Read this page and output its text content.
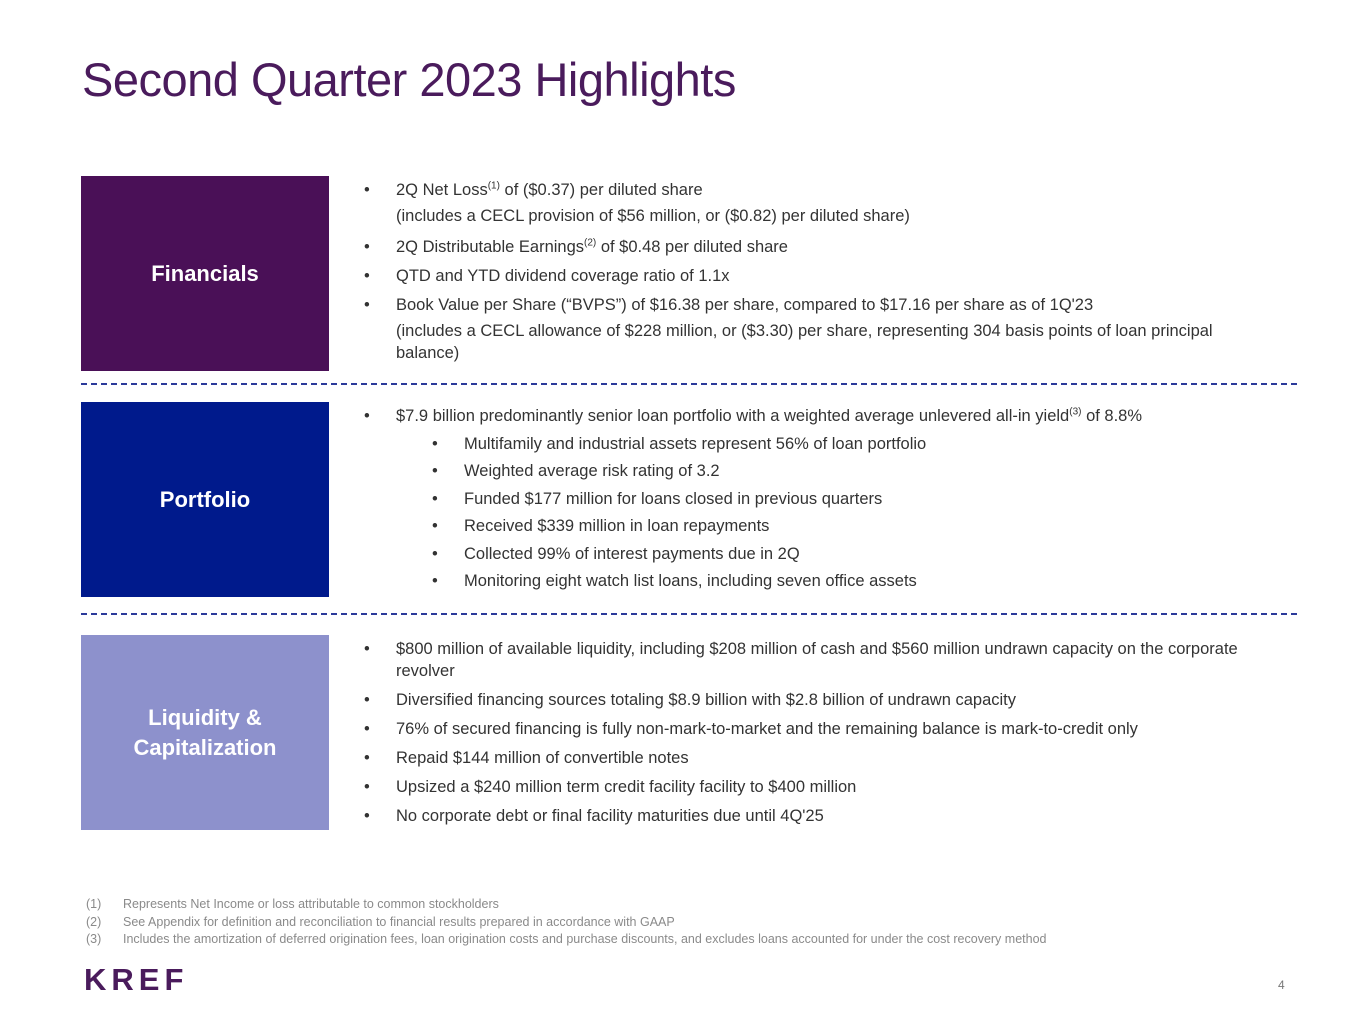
Second Quarter 2023 Highlights
Financials
•	2Q Net Loss$^{(1)}$ of ($0.37) per diluted share
(includes a CECL provision of $56 million, or ($0.82) per diluted share)
•	2Q Distributable Earnings$^{(2)}$ of $0.48 per diluted share
•	QTD and YTD dividend coverage ratio of 1.1x
•	Book Value per Share (“BVPS”) of $16.38 per share, compared to $17.16 per share as of 1Q'23
(includes a CECL allowance of $228 million, or ($3.30) per share, representing 304 basis points of loan principal balance)
Portfolio
•	$7.9 billion predominantly senior loan portfolio with a weighted average unlevered all-in yield$^{(3)}$ of 8.8%
•	Multifamily and industrial assets represent 56% of loan portfolio
•	Weighted average risk rating of 3.2
•	Funded $177 million for loans closed in previous quarters
•	Received $339 million in loan repayments
•	Collected 99% of interest payments due in 2Q
•	Monitoring eight watch list loans, including seven office assets
Liquidity &
Capitalization
•	$800 million of available liquidity, including $208 million of cash and $560 million undrawn capacity on the corporate revolver
•	Diversified financing sources totaling $8.9 billion with $2.8 billion of undrawn capacity
•	76% of secured financing is fully non-mark-to-market and the remaining balance is mark-to-credit only
•	Repaid $144 million of convertible notes
•	Upsized a $240 million term credit facility facility to $400 million
•	No corporate debt or final facility maturities due until 4Q'25
(1)	Represents Net Income or loss attributable to common stockholders
(2)	See Appendix for definition and reconciliation to financial results prepared in accordance with GAAP
(3)	Includes the amortization of deferred origination fees, loan origination costs and purchase discounts, and excludes loans accounted for under the cost recovery method
KREF	4
